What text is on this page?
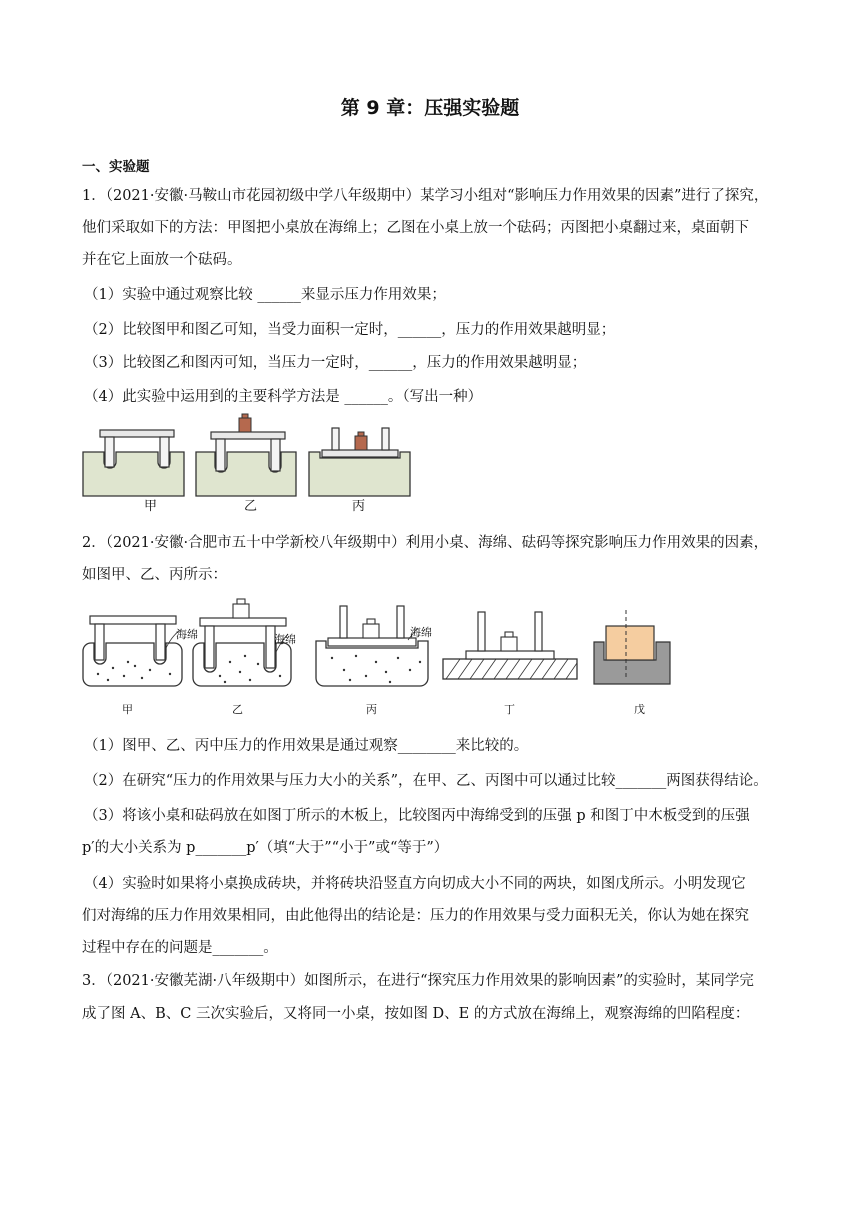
第 9 章：压强实验题
一、实验题
1．（2021·安徽·马鞍山市花园初级中学八年级期中）某学习小组对“影响压力作用效果的因素”进行了探究，
他们采取如下的方法：甲图把小桌放在海绵上；乙图在小桌上放一个砝码；丙图把小桌翻过来，桌面朝下
并在它上面放一个砝码。
（1）实验中通过观察比较 ______来显示压力作用效果；
（2）比较图甲和图乙可知，当受力面积一定时，______，压力的作用效果越明显；
（3）比较图乙和图丙可知，当压力一定时，______，压力的作用效果越明显；
（4）此实验中运用到的主要科学方法是 ______。（写出一种）
甲	乙	丙
2．（2021·安徽·合肥市五十中学新校八年级期中）利用小桌、海绵、砝码等探究影响压力作用效果的因素，
如图甲、乙、丙所示：
海绵	海绵
海绵
甲	乙	丙	丁	戊
（1）图甲、乙、丙中压力的作用效果是通过观察________来比较的。
（2）在研究“压力的作用效果与压力大小的关系”，在甲、乙、丙图中可以通过比较_______两图获得结论。
（3）将该小桌和砝码放在如图丁所示的木板上，比较图丙中海绵受到的压强 p 和图丁中木板受到的压强
p′的大小关系为 p_______p′（填“大于”“小于”或“等于”）
（4）实验时如果将小桌换成砖块，并将砖块沿竖直方向切成大小不同的两块，如图戊所示。小明发现它
们对海绵的压力作用效果相同，由此他得出的结论是：压力的作用效果与受力面积无关，你认为她在探究
过程中存在的问题是_______。
3．（2021·安徽芜湖·八年级期中）如图所示，在进行“探究压力作用效果的影响因素”的实验时，某同学完
成了图 A、B、C 三次实验后，又将同一小桌，按如图 D、E 的方式放在海绵上，观察海绵的凹陷程度：
